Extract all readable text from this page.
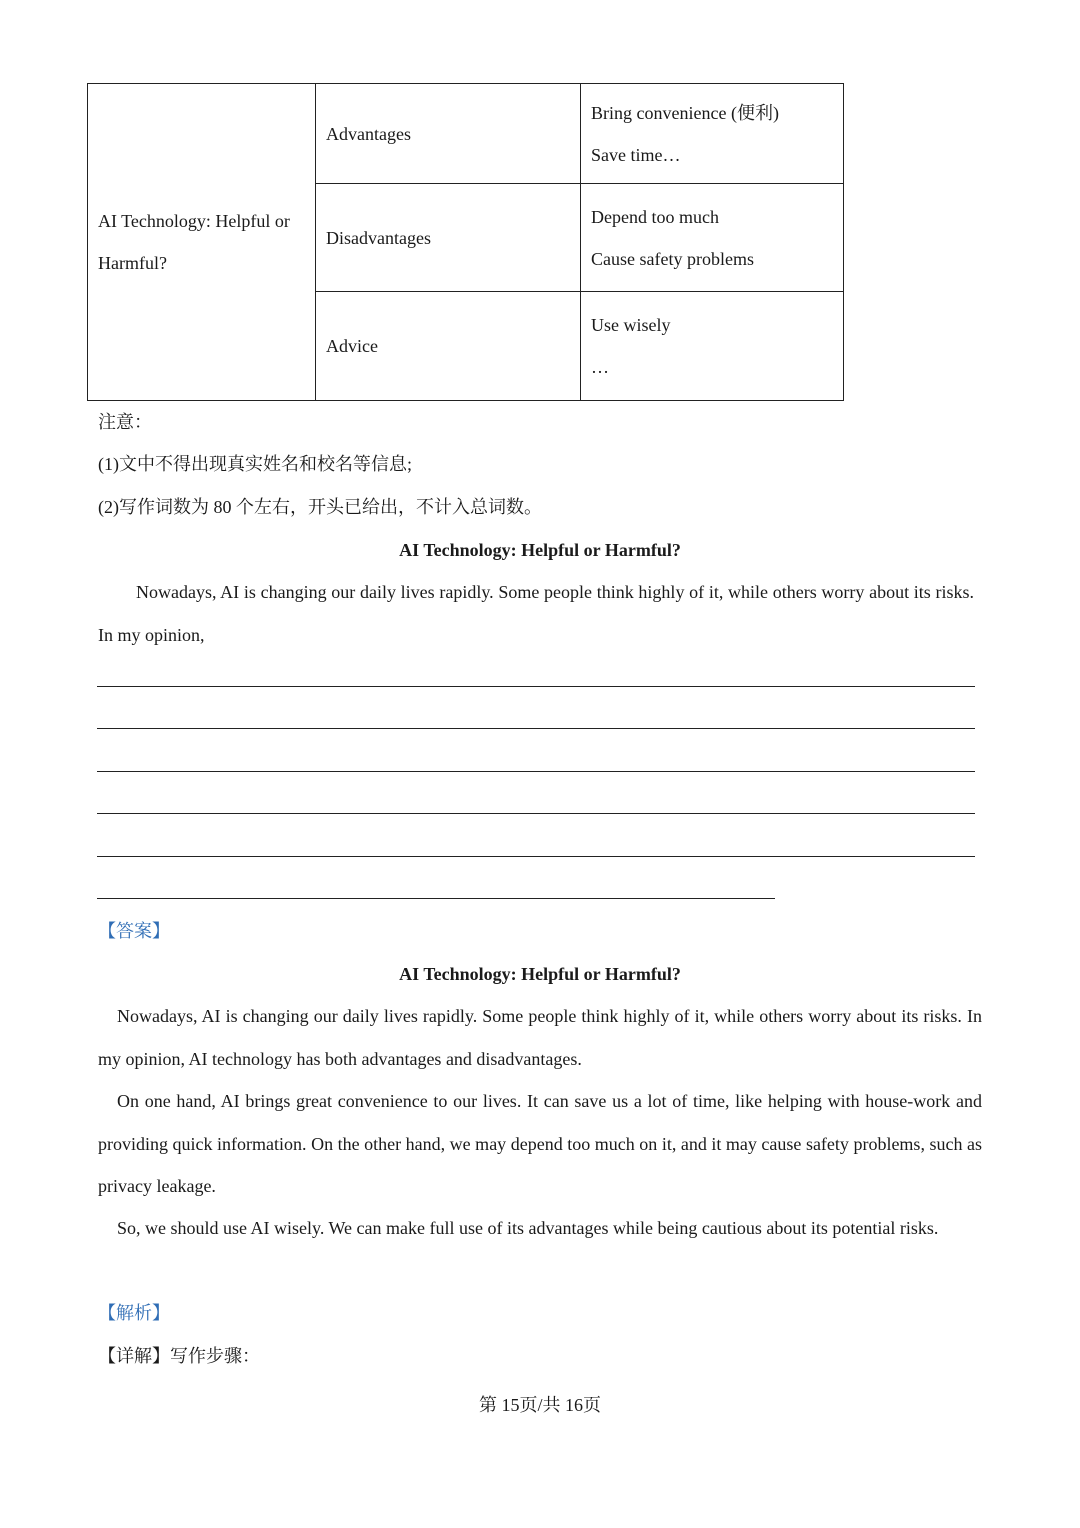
AI Technology: Helpful or Harmful?	Advantages	Bring convenience (便利)
Save time…

	Disadvantages	Depend too much
Cause safety problems

	Advice	Use wisely
…
注意：
(1)文中不得出现真实姓名和校名等信息;
(2)写作词数为 80 个左右，开头已给出，不计入总词数。
AI Technology: Helpful or Harmful?

Nowadays, AI is changing our daily lives rapidly. Some people think highly of it, while others worry about its risks. In my opinion,

【答案】
AI Technology: Helpful or Harmful?

Nowadays, AI is changing our daily lives rapidly. Some people think highly of it, while others worry about its risks. In my opinion, AI technology has both advantages and disadvantages.

On one hand, AI brings great convenience to our lives. It can save us a lot of time, like helping with house-work and providing quick information. On the other hand, we may depend too much on it, and it may cause safety problems, such as privacy leakage.

So, we should use AI wisely. We can make full use of its advantages while being cautious about its potential risks.

【解析】
【详解】写作步骤：
第 15页/共 16页
